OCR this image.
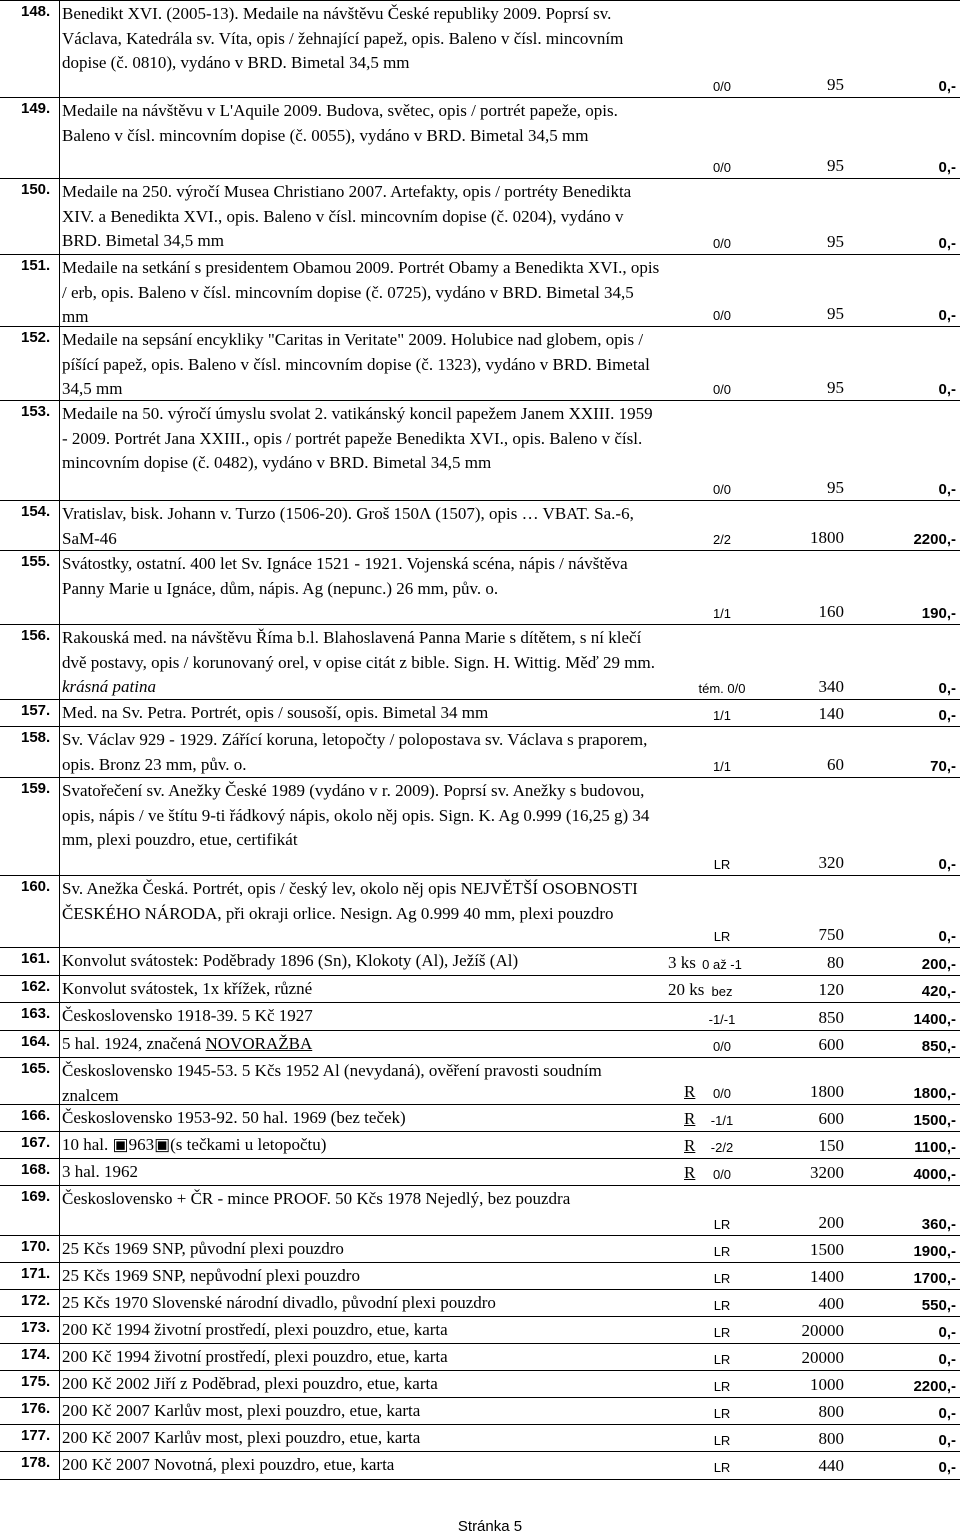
148. Benedikt XVI. (2005-13). Medaile na návštěvu České republiky 2009. Poprsí sv. Václava, Katedrála sv. Víta, opis / žehnající papež, opis. Baleno v čísl. mincovním dopise (č. 0810), vydáno v BRD. Bimetal 34,5 mm
0/0	95	0,-
149. Medaile na návštěvu v L'Aquile 2009. Budova, světec, opis / portrét papeže, opis. Baleno v čísl. mincovním dopise (č. 0055), vydáno v BRD. Bimetal 34,5 mm
0/0	95	0,-
150. Medaile na 250. výročí Musea Christiano 2007. Artefakty, opis / portréty Benedikta XIV. a Benedikta XVI., opis. Baleno v čísl. mincovním dopise (č. 0204), vydáno v BRD. Bimetal 34,5 mm	0/0	95	0,-
151. Medaile na setkání s presidentem Obamou 2009. Portrét Obamy a Benedikta XVI., opis / erb, opis. Baleno v čísl. mincovním dopise (č. 0725), vydáno v BRD. Bimetal 34,5 mm	0/0	95	0,-
152. Medaile na sepsání encykliky "Caritas in Veritate" 2009. Holubice nad globem, opis / píšící papež, opis. Baleno v čísl. mincovním dopise (č. 1323), vydáno v BRD. Bimetal 34,5 mm	0/0	95	0,-
153. Medaile na 50. výročí úmyslu svolat 2. vatikánský koncil papežem Janem XXIII. 1959 - 2009. Portrét Jana XXIII., opis / portrét papeže Benedikta XVI., opis. Baleno v čísl. mincovním dopise (č. 0482), vydáno v BRD. Bimetal 34,5 mm
0/0	95	0,-
154. Vratislav, bisk. Johann v. Turzo (1506-20). Groš 150Λ (1507), opis … VBAT. Sa.-6, SaM-46	2/2	1800	2200,-
155. Svátostky, ostatní. 400 let Sv. Ignáce 1521 - 1921. Vojenská scéna, nápis / návštěva Panny Marie u Ignáce, dům, nápis. Ag (nepunc.) 26 mm, pův. o.
1/1	160	190,-
156. Rakouská med. na návštěvu Říma b.l. Blahoslavená Panna Marie s dítětem, s ní klečí dvě postavy, opis / korunovaný orel, v opise citát z bible. Sign. H. Wittig. Měď 29 mm. krásná patina	tém. 0/0	340	0,-
157. Med. na Sv. Petra. Portrét, opis / sousoší, opis. Bimetal 34 mm	1/1	140	0,-
158. Sv. Václav 929 - 1929. Zářící koruna, letopočty / polopostava sv. Václava s praporem, opis. Bronz 23 mm, pův. o.	1/1	60	70,-
159. Svatořečení sv. Anežky České 1989 (vydáno v r. 2009). Poprsí sv. Anežky s budovou, opis, nápis / ve štítu 9-ti řádkový nápis, okolo něj opis. Sign. K. Ag 0.999 (16,25 g) 34 mm, plexi pouzdro, etue, certifikát
LR	320	0,-
160. Sv. Anežka Česká. Portrét, opis / český lev, okolo něj opis NEJVĚTŠÍ OSOBNOSTI ČESKÉHO NÁRODA, při okraji orlice. Nesign. Ag 0.999 40 mm, plexi pouzdro
LR	750	0,-
161. Konvolut svátostek: Poděbrady 1896 (Sn), Klokoty (Al), Ježíš (Al)	3 ks 0 až -1	80	200,-
162. Konvolut svátostek, 1x křížek, různé	20 ks bez	120	420,-
163. Československo 1918-39. 5 Kč 1927	-1/-1	850	1400,-
164. 5 hal. 1924, značená NOVORAŽBA	0/0	600	850,-
165. Československo 1945-53. 5 Kčs 1952 Al (nevydaná), ověření pravosti soudním znalcem	R	0/0	1800	1800,-
166. Československo 1953-92. 50 hal. 1969 (bez teček)	R	-1/1	600	1500,-
167. 10 hal. ▣963▣(s tečkami u letopočtu)	R	-2/2	150	1100,-
168. 3 hal. 1962	R	0/0	3200	4000,-
169. Československo + ČR - mince PROOF. 50 Kčs 1978 Nejedlý, bez pouzdra
LR	200	360,-
170. 25 Kčs 1969 SNP, původní plexi pouzdro	LR	1500	1900,-
171. 25 Kčs 1969 SNP, nepůvodní plexi pouzdro	LR	1400	1700,-
172. 25 Kčs 1970 Slovenské národní divadlo, původní plexi pouzdro	LR	400	550,-
173. 200 Kč 1994 životní prostředí, plexi pouzdro, etue, karta	LR	20000	0,-
174. 200 Kč 1994 životní prostředí, plexi pouzdro, etue, karta	LR	20000	0,-
175. 200 Kč 2002 Jiří z Poděbrad, plexi pouzdro, etue, karta	LR	1000	2200,-
176. 200 Kč 2007 Karlův most, plexi pouzdro, etue, karta	LR	800	0,-
177. 200 Kč 2007 Karlův most, plexi pouzdro, etue, karta	LR	800	0,-
178. 200 Kč 2007 Novotná, plexi pouzdro, etue, karta	LR	440	0,-
Stránka 5
